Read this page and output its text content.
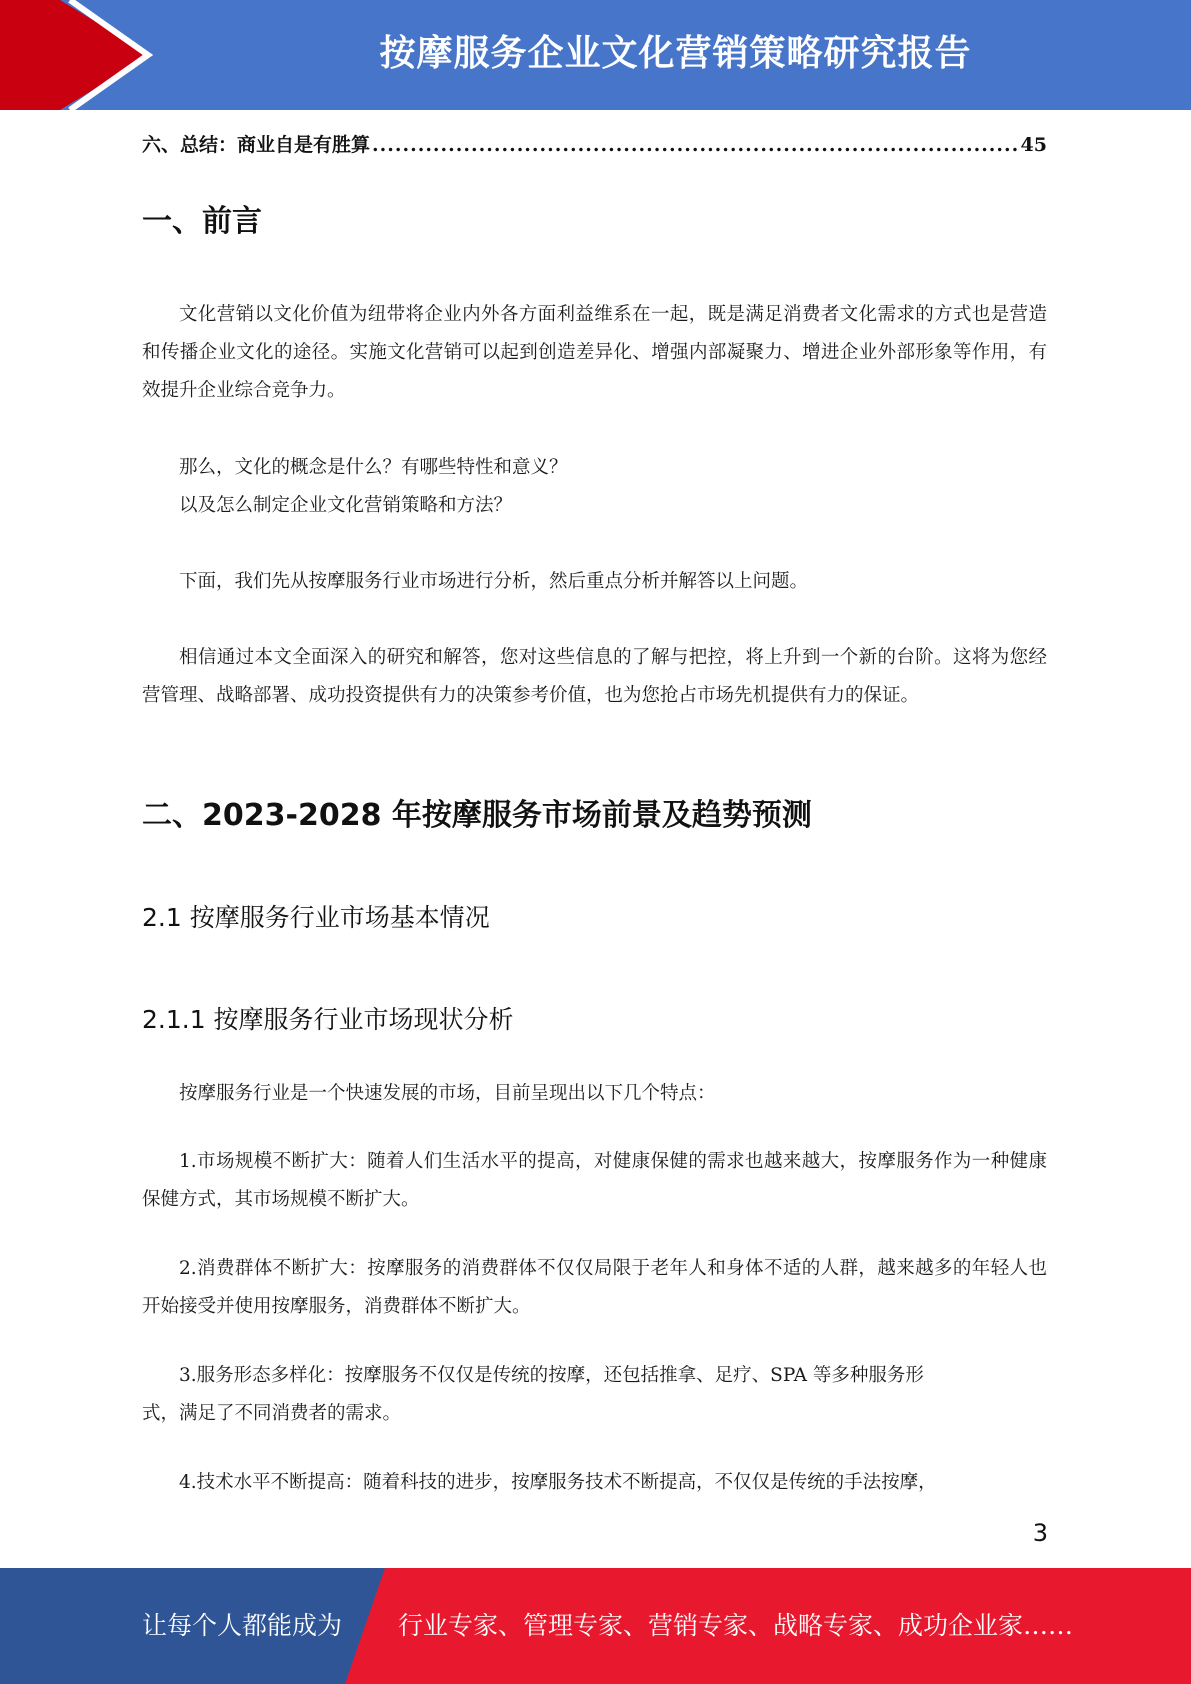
按摩服务企业文化营销策略研究报告
六、总结：商业自是有胜算
.....	45
一、前言

文化营销以文化价值为纽带将企业内外各方面利益维系在一起，既是满足消费者文化需求的方式也是营造和传播企业文化的途径。实施文化营销可以起到创造差异化、增强内部凝聚力、增进企业外部形象等作用，有效提升企业综合竞争力。

那么，文化的概念是什么？有哪些特性和意义？
以及怎么制定企业文化营销策略和方法？

下面，我们先从按摩服务行业市场进行分析，然后重点分析并解答以上问题。

相信通过本文全面深入的研究和解答，您对这些信息的了解与把控，将上升到一个新的台阶。这将为您经营管理、战略部署、成功投资提供有力的决策参考价值，也为您抢占市场先机提供有力的保证。

二、2023-2028 年按摩服务市场前景及趋势预测
2.1 按摩服务行业市场基本情况
2.1.1 按摩服务行业市场现状分析

按摩服务行业是一个快速发展的市场，目前呈现出以下几个特点：

1.市场规模不断扩大：随着人们生活水平的提高，对健康保健的需求也越来越大，按摩服务作为一种健康保健方式，其市场规模不断扩大。

2.消费群体不断扩大：按摩服务的消费群体不仅仅局限于老年人和身体不适的人群，越来越多的年轻人也开始接受并使用按摩服务，消费群体不断扩大。

3.服务形态多样化：按摩服务不仅仅是传统的按摩，还包括推拿、足疗、SPA 等多种服务形
式，满足了不同消费者的需求。

4.技术水平不断提高：随着科技的进步，按摩服务技术不断提高，不仅仅是传统的手法按摩，

3
让每个人都能成为 行业专家、管理专家、营销专家、战略专家、成功企业家……
